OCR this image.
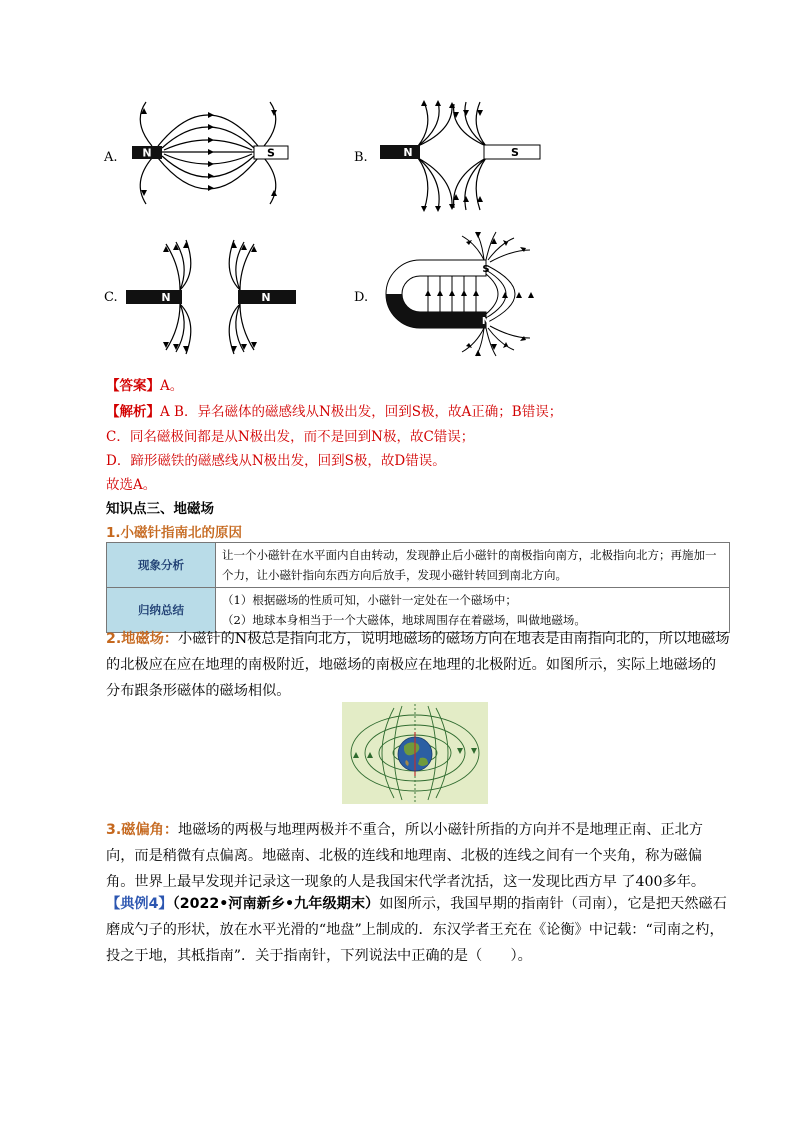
A. N	S	B.	N	S
C.	N	N	D.
S
N
【答案】A。
【解析】A B．异名磁体的磁感线从N极出发，回到S极，故A正确；B错误；
C．同名磁极间都是从N极出发，而不是回到N极，故C错误；
D．蹄形磁铁的磁感线从N极出发，回到S极，故D错误。
故选A。
知识点三、地磁场
1.小磁针指南北的原因
现象分析	让一个小磁针在水平面内自由转动，发现静止后小磁针的南极指向南方，北极指向北方；再施加一个力，让小磁针指向东西方向后放手，发现小磁针转回到南北方向。
归纳总结	（1）根据磁场的性质可知，小磁针一定处在一个磁场中；
（2）地球本身相当于一个大磁体，地球周围存在着磁场，叫做地磁场。
2.地磁场：小磁针的N极总是指向北方，说明地磁场的磁场方向在地表是由南指向北的，所以地磁场的北极应在应在地理的南极附近，地磁场的南极应在地理的北极附近。如图所示，实际上地磁场的分布跟条形磁体的磁场相似。
3.磁偏角：地磁场的两极与地理两极并不重合，所以小磁针所指的方向并不是地理正南、正北方向，而是稍微有点偏离。地磁南、北极的连线和地理南、北极的连线之间有一个夹角，称为磁偏角。世界上最早发现并记录这一现象的人是我国宋代学者沈括，这一发现比西方早 了400多年。
【典例4】（2022•河南新乡•九年级期末）如图所示，我国早期的指南针（司南），它是把天然磁石磨成勺子的形状，放在水平光滑的“地盘”上制成的．东汉学者王充在《论衡》中记载：“司南之杓，投之于地，其柢指南”．关于指南针，下列说法中正确的是（　　）。
